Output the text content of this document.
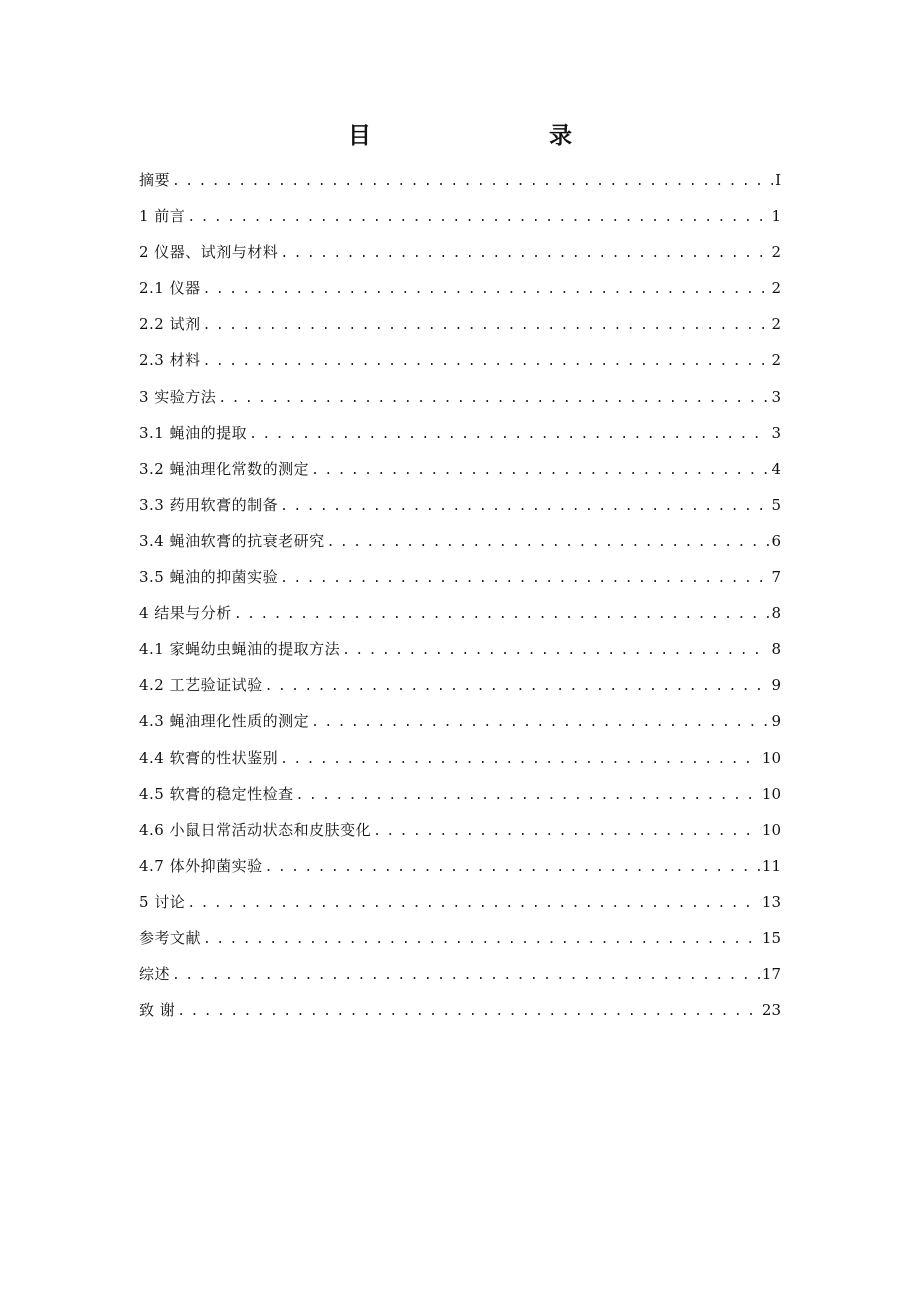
目　　录
摘要 . . .	I
1 前言 . . .	1
2 仪器、试剂与材料 . . .	2
2.1 仪器 . . .	2
2.2 试剂 . . .	2
2.3 材料 . . .	2
3 实验方法 . . .	3
3.1 蝇油的提取 . . .	3
3.2 蝇油理化常数的测定 . . .	4
3.3 药用软膏的制备 . . .	5
3.4 蝇油软膏的抗衰老研究 . . .	6
3.5 蝇油的抑菌实验 . . .	7
4 结果与分析 . . .	8
4.1 家蝇幼虫蝇油的提取方法 . . .	8
4.2 工艺验证试验 . . .	9
4.3 蝇油理化性质的测定 . . .	9
4.4 软膏的性状鉴别 . . .	10
4.5 软膏的稳定性检查 . . .	10
4.6 小鼠日常活动状态和皮肤变化 . . .	10
4.7 体外抑菌实验 . . .	11
5 讨论 . . .	13
参考文献 . . .	15
综述 . . .	17
致 谢 . . .	23
